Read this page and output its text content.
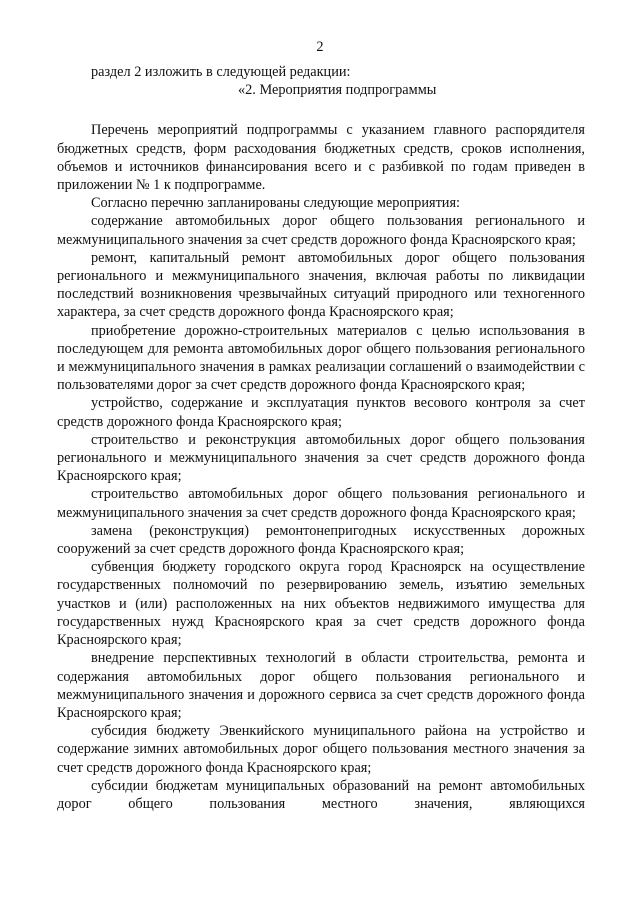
2

раздел 2 изложить в следующей редакции:

«2. Мероприятия подпрограммы

Перечень мероприятий подпрограммы с указанием главного распорядителя бюджетных средств, форм расходования бюджетных средств, сроков исполнения, объемов и источников финансирования всего и с разбивкой по годам приведен в приложении № 1 к подпрограмме.

Согласно перечню запланированы следующие мероприятия:

содержание автомобильных дорог общего пользования регионального и межмуниципального значения за счет средств дорожного фонда Красноярского края;

ремонт, капитальный ремонт автомобильных дорог общего пользования регионального и межмуниципального значения, включая работы по ликвидации последствий возникновения чрезвычайных ситуаций природного или техногенного характера, за счет средств дорожного фонда Красноярского края;

приобретение дорожно-строительных материалов с целью использования в последующем для ремонта автомобильных дорог общего пользования регионального и межмуниципального значения в рамках реализации соглашений о взаимодействии с пользователями дорог за счет средств дорожного фонда Красноярского края;

устройство, содержание и эксплуатация пунктов весового контроля за счет средств дорожного фонда Красноярского края;

строительство и реконструкция автомобильных дорог общего пользования регионального и межмуниципального значения за счет средств дорожного фонда Красноярского края;

строительство автомобильных дорог общего пользования регионального и межмуниципального значения за счет средств дорожного фонда Красноярского края;

замена (реконструкция) ремонтонепригодных искусственных дорожных сооружений за счет средств дорожного фонда Красноярского края;

субвенция бюджету городского округа город Красноярск на осуществление государственных полномочий по резервированию земель, изъятию земельных участков и (или) расположенных на них объектов недвижимого имущества для государственных нужд Красноярского края за счет средств дорожного фонда Красноярского края;

внедрение перспективных технологий в области строительства, ремонта и содержания автомобильных дорог общего пользования регионального и межмуниципального значения и дорожного сервиса за счет средств дорожного фонда Красноярского края;

субсидия бюджету Эвенкийского муниципального района на устройство и содержание зимних автомобильных дорог общего пользования местного значения за счет средств дорожного фонда Красноярского края;

субсидии бюджетам муниципальных образований на ремонт автомобильных дорог общего пользования местного значения, являющихся
